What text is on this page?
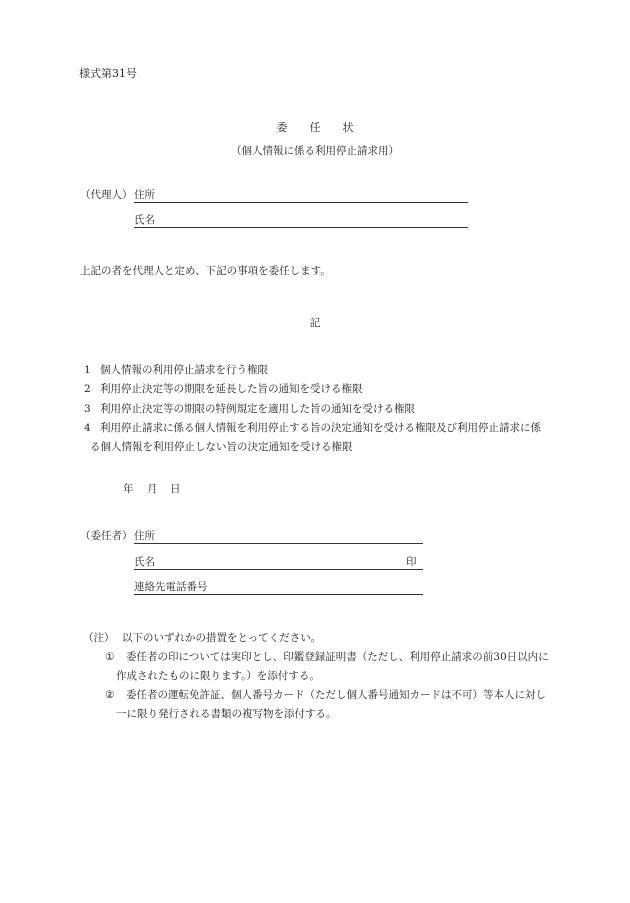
様式第31号
委　　任　　状
（個人情報に係る利用停止請求用）
（代理人） 住所
氏名
上記の者を代理人と定め、下記の事項を委任します。
記
1 個人情報の利用停止請求を行う権限
2 利用停止決定等の期限を延長した旨の通知を受ける権限
3 利用停止決定等の期限の特例規定を適用した旨の通知を受ける権限
4 利用停止請求に係る個人情報を利用停止する旨の決定通知を受ける権限及び利用停止請求に係
る個人情報を利用停止しない旨の決定通知を受ける権限
年 月 日
（委任者） 住所
氏名	印
連絡先電話番号
（注） 以下のいずれかの措置をとってください。
① 委任者の印については実印とし、印鑑登録証明書（ただし、利用停止請求の前30日以内に
作成されたものに限ります。）を添付する。
② 委任者の運転免許証、個人番号カード（ただし個人番号通知カードは不可）等本人に対し
一に限り発行される書類の複写物を添付する。
